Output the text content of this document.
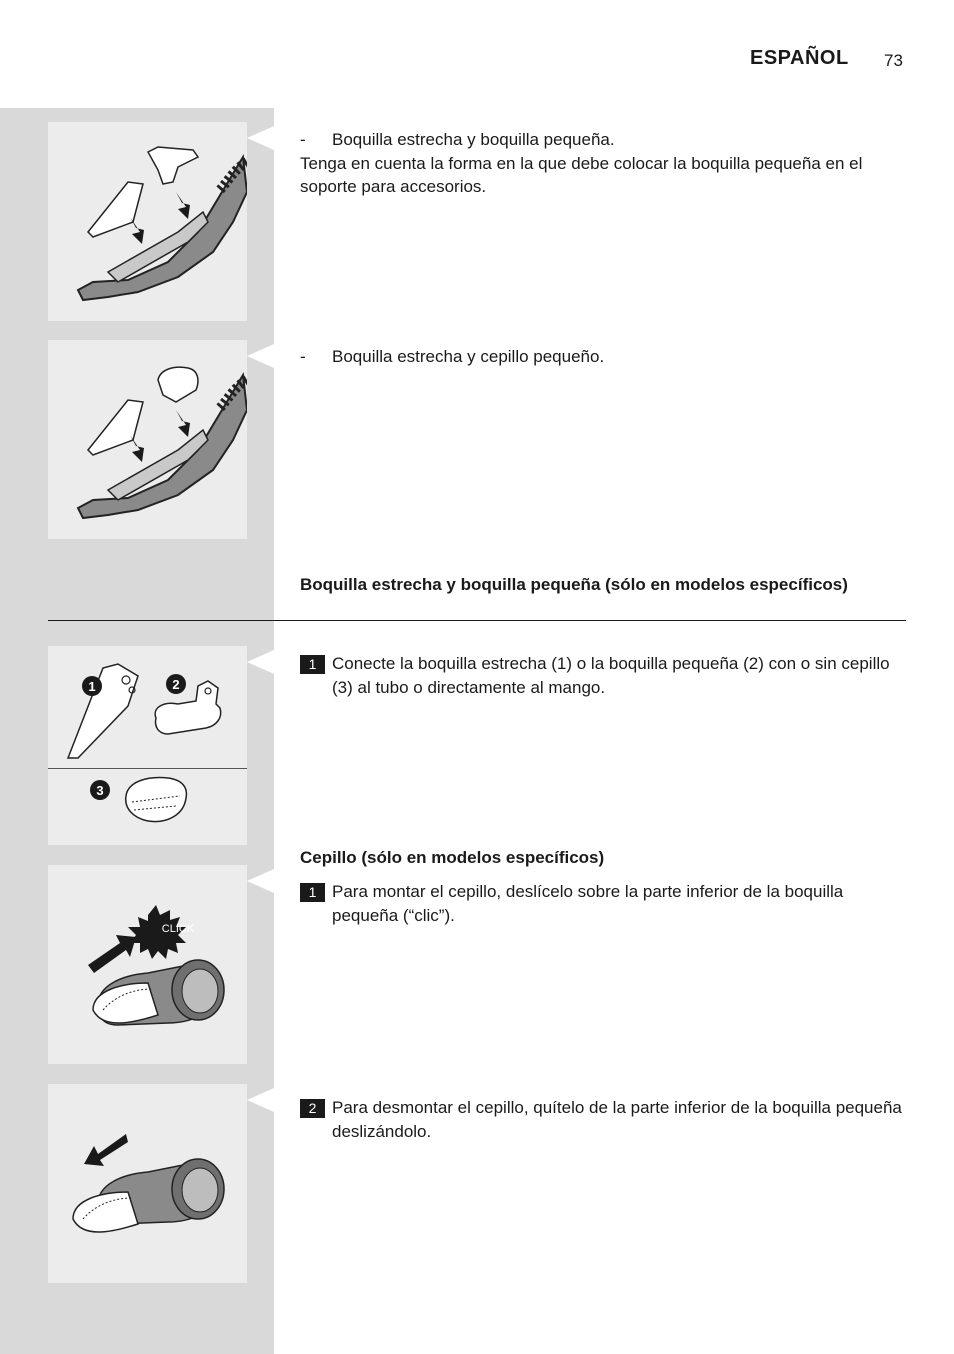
ESPAÑOL 73
1	2
3
CLICK
-	Boquilla estrecha y boquilla pequeña.
Tenga en cuenta la forma en la que debe colocar la boquilla pequeña en el soporte para accesorios.
-	Boquilla estrecha y cepillo pequeño.
Boquilla estrecha y boquilla pequeña (sólo en modelos específicos)
1 Conecte la boquilla estrecha (1) o la boquilla pequeña (2) con o sin cepillo (3) al tubo o directamente al mango.
Cepillo (sólo en modelos específicos)
1 Para montar el cepillo, deslícelo sobre la parte inferior de la boquilla pequeña (“clic”).
2 Para desmontar el cepillo, quítelo de la parte inferior de la boquilla pequeña deslizándolo.
